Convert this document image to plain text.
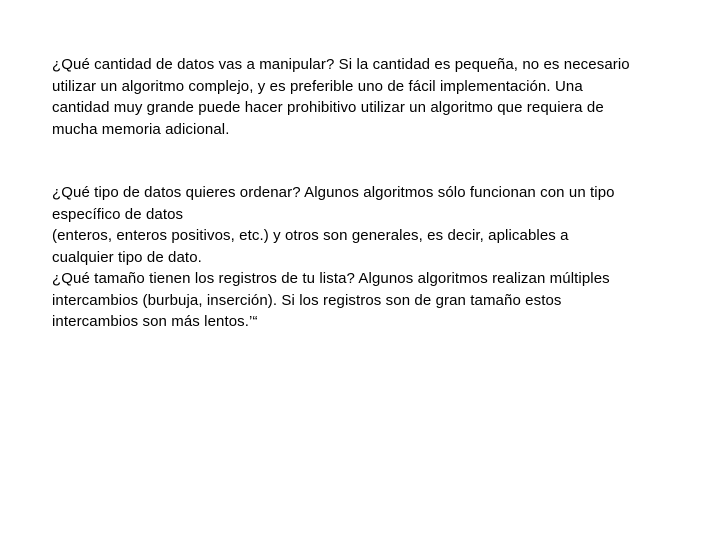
¿Qué cantidad de datos vas a manipular? Si la cantidad es pequeña, no es necesario
utilizar un algoritmo complejo, y es preferible uno de fácil implementación. Una
cantidad muy grande puede hacer prohibitivo utilizar un algoritmo que requiera de
mucha memoria adicional.
¿Qué tipo de datos quieres ordenar? Algunos algoritmos sólo funcionan con un tipo
específico de datos
(enteros, enteros positivos, etc.) y otros son generales, es decir, aplicables a
cualquier tipo de dato.
¿Qué tamaño tienen los registros de tu lista? Algunos algoritmos realizan múltiples
intercambios (burbuja, inserción). Si los registros son de gran tamaño estos
intercambios son más lentos.’“
